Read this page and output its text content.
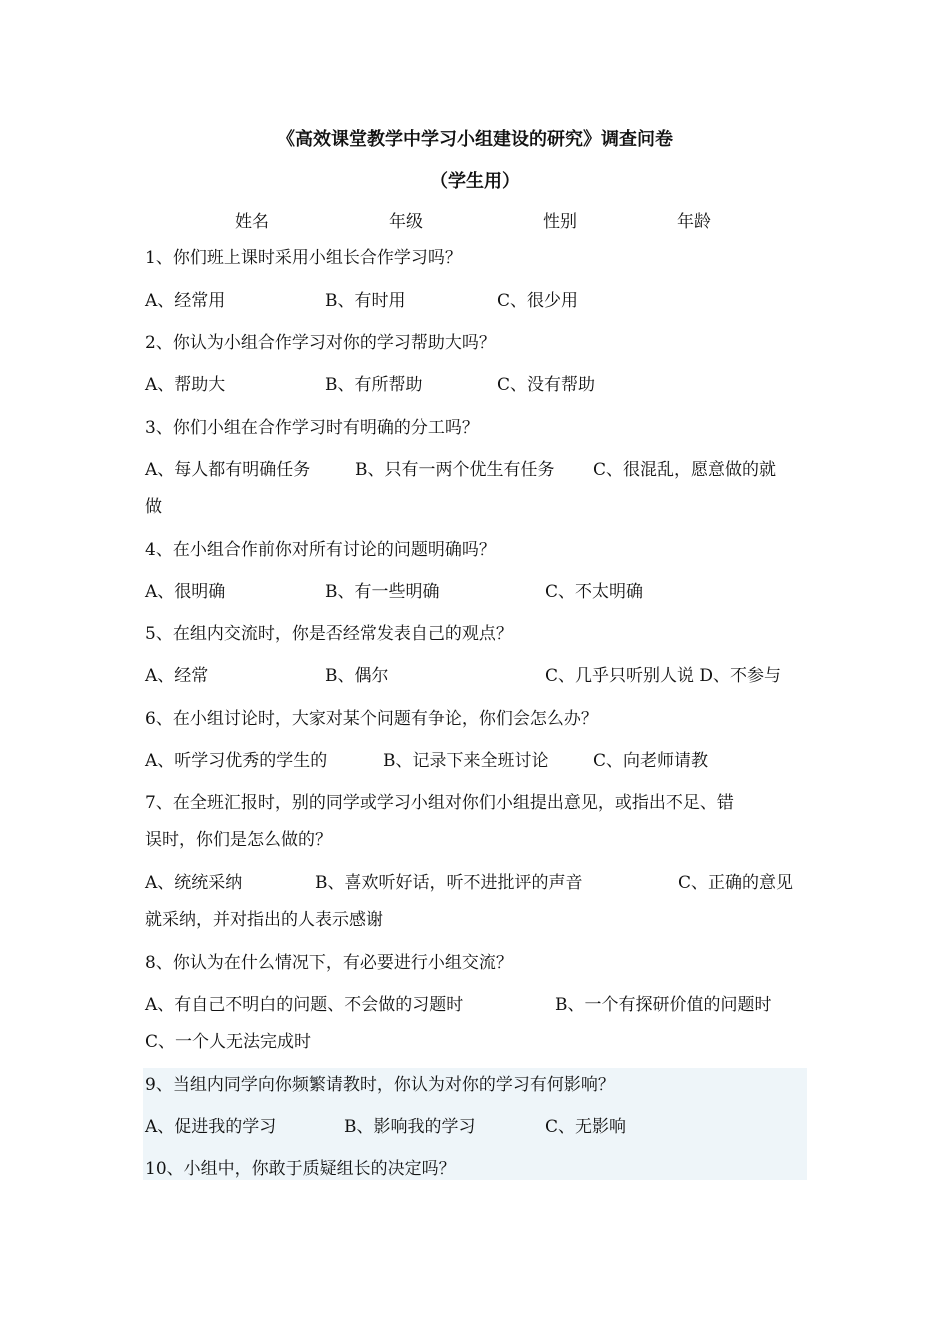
《高效课堂教学中学习小组建设的研究》调查问卷
（学生用）
姓名	年级	性别	年龄
1、你们班上课时采用小组长合作学习吗？
A、经常用	B、有时用	C、很少用
2、你认为小组合作学习对你的学习帮助大吗？
A、帮助大	B、有所帮助	C、没有帮助
3、你们小组在合作学习时有明确的分工吗？
A、每人都有明确任务	B、只有一两个优生有任务 C、很混乱，愿意做的就
做
4、在小组合作前你对所有讨论的问题明确吗？
A、很明确	B、有一些明确	C、不太明确
5、在组内交流时，你是否经常发表自己的观点？
A、经常	B、偶尔	C、几乎只听别人说 D、不参与
6、在小组讨论时，大家对某个问题有争论，你们会怎么办？
A、听学习优秀的学生的	B、记录下来全班讨论	C、向老师请教
7、在全班汇报时，别的同学或学习小组对你们小组提出意见，或指出不足、错
误时，你们是怎么做的？
A、统统采纳	B、喜欢听好话，听不进批评的声音	C、正确的意见
就采纳，并对指出的人表示感谢
8、你认为在什么情况下，有必要进行小组交流？
A、有自己不明白的问题、不会做的习题时	B、一个有探研价值的问题时
C、一个人无法完成时
9、当组内同学向你频繁请教时，你认为对你的学习有何影响？
A、促进我的学习	B、影响我的学习	C、无影响
10、小组中，你敢于质疑组长的决定吗？
